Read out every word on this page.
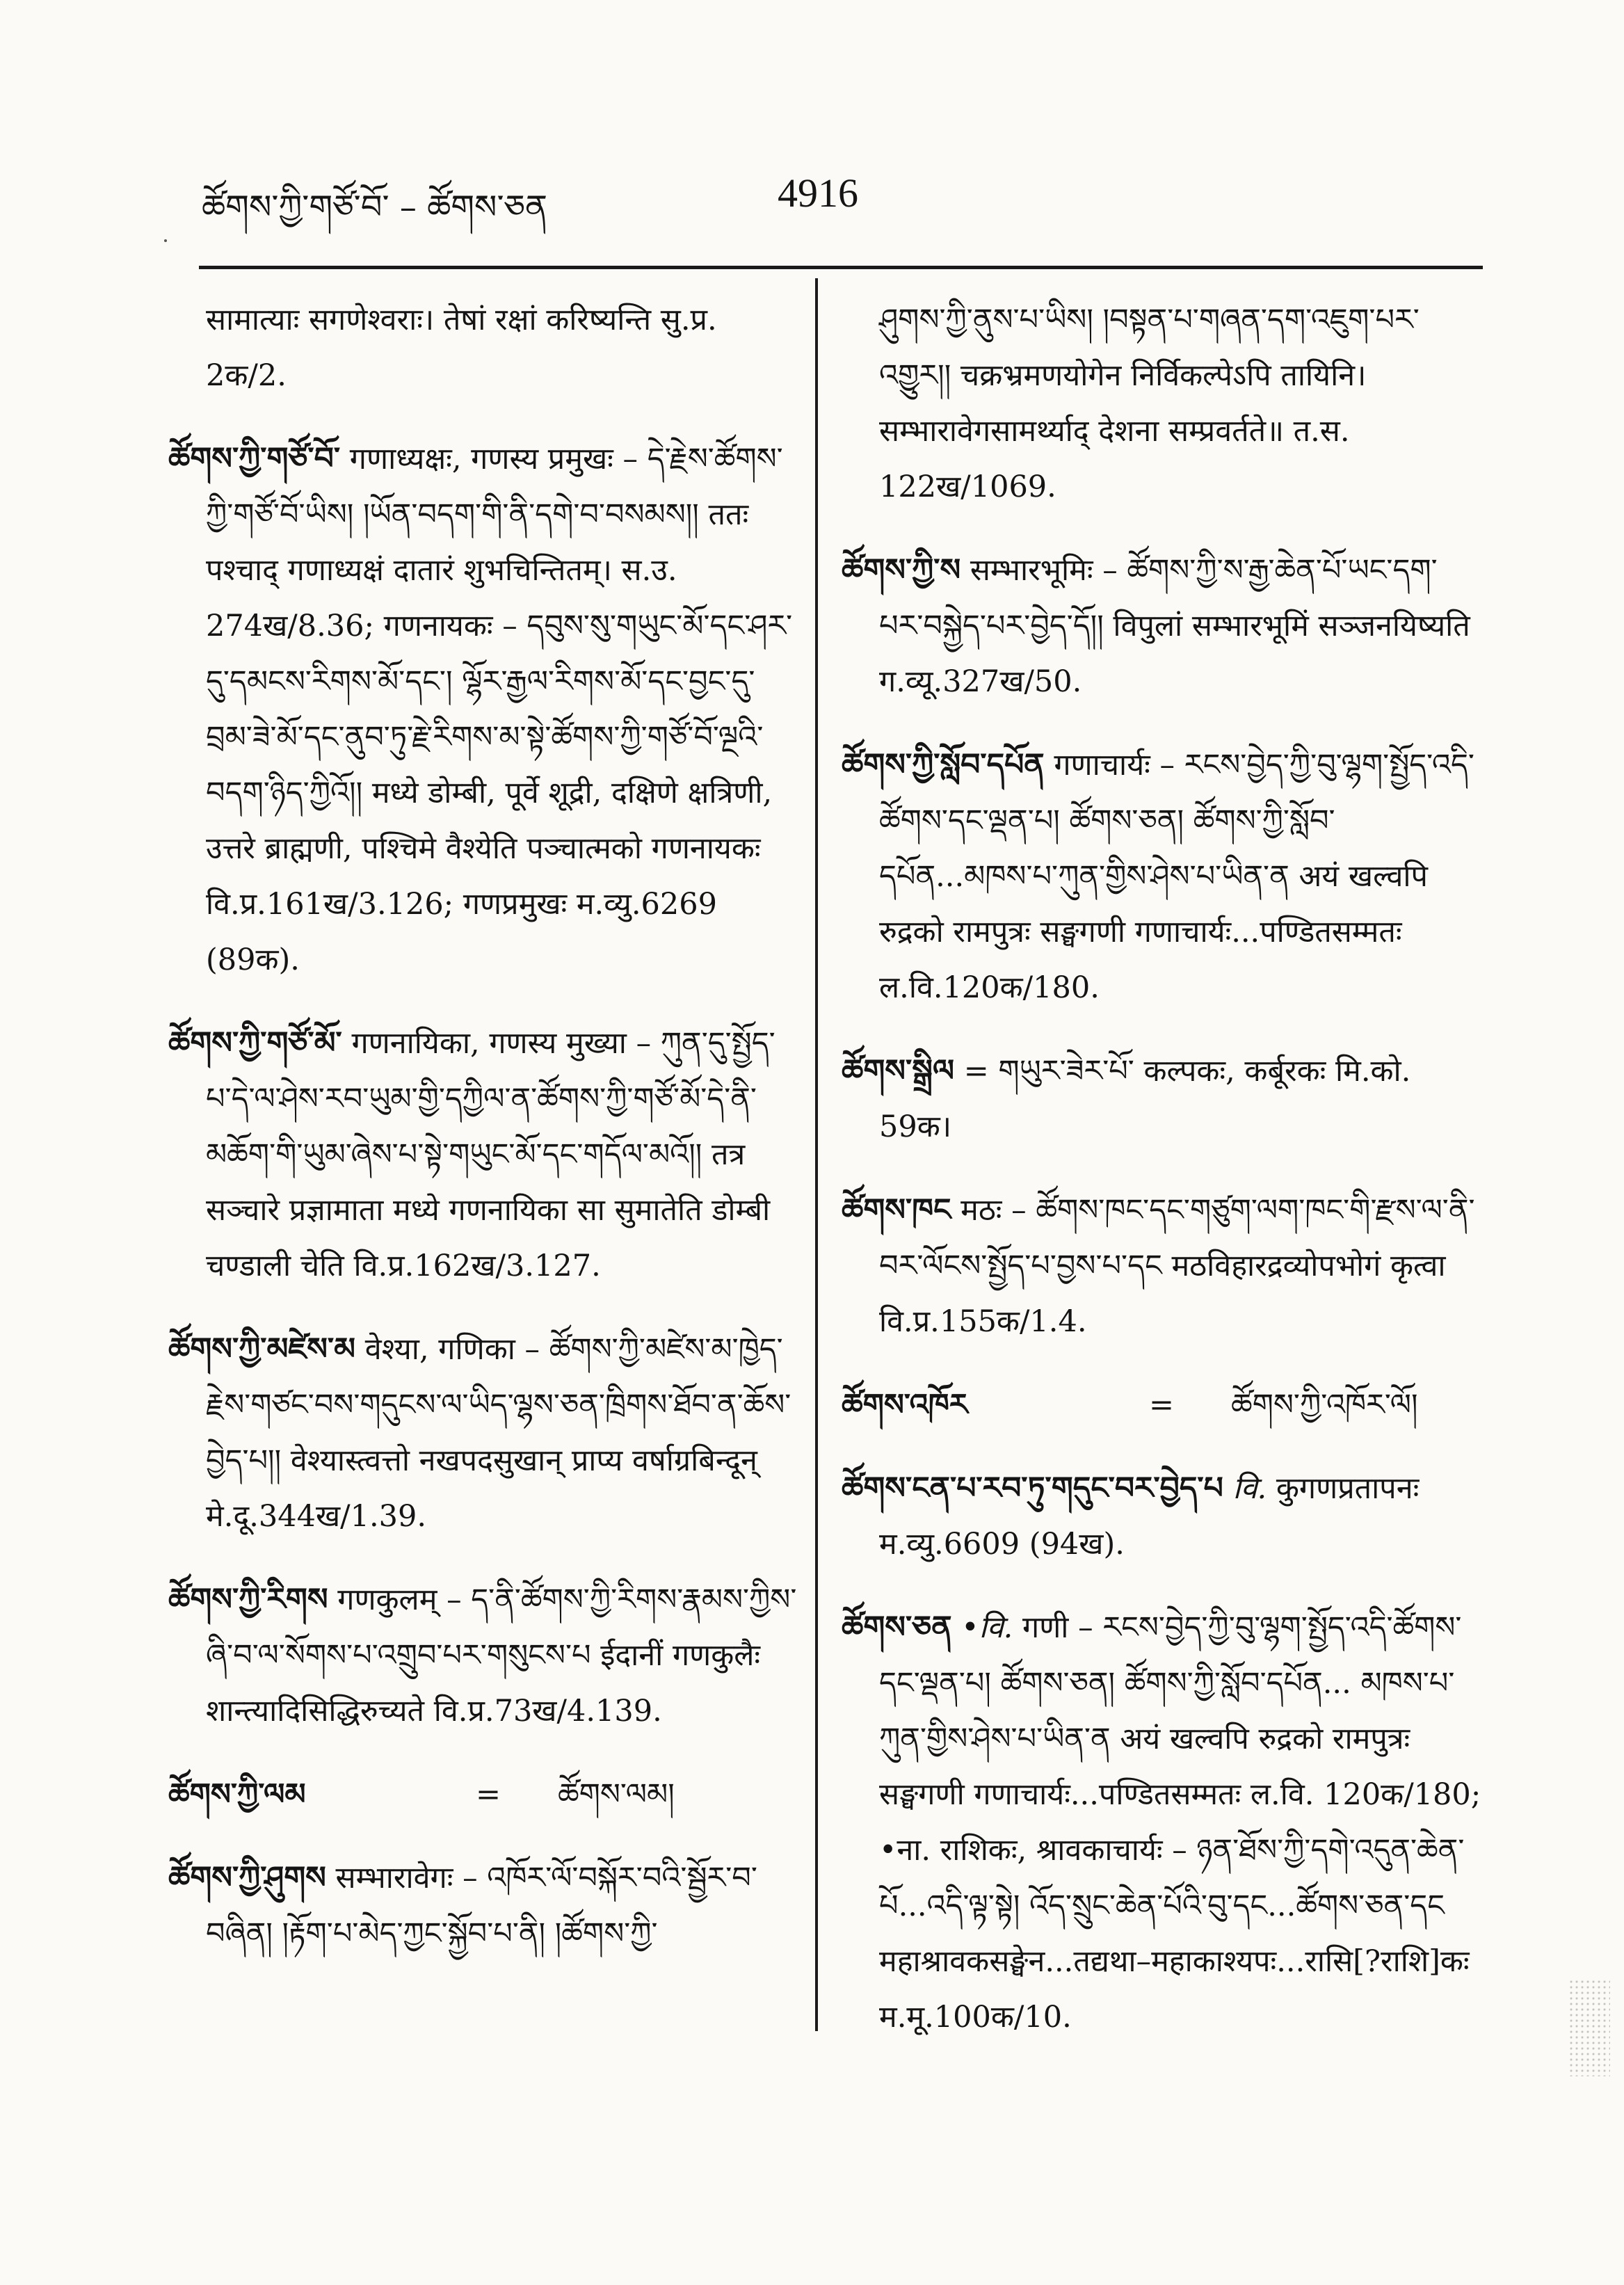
ཚོགས་ཀྱི་གཙོ་བོ་ – ཚོགས་ཅན	4916
सामात्याः सगणेश्वराः। तेषां रक्षां करिष्यन्ति सु.प्र. 2क/2.
ཚོགས་ཀྱི་གཙོ་བོ་ गणाध्यक्षः, गणस्य प्रमुखः – དེ་རྗེས་ཚོགས་ཀྱི་གཙོ་བོ་ཡིས། །ཡོན་བདག་གི་ནི་དགེ་བ་བསམས།། ततः पश्चाद् गणाध्यक्षं दातारं शुभचिन्तितम्। स.उ. 274ख/8.36; गणनायकः – དབུས་སུ་གཡུང་མོ་དང་ཤར་དུ་དམངས་རིགས་མོ་དང་། ལྷོར་རྒྱལ་རིགས་མོ་དང་བྱང་དུ་བྲམ་ཟེ་མོ་དང་ནུབ་ཏུ་རྗེ་རིགས་མ་སྟེ་ཚོགས་ཀྱི་གཙོ་བོ་ལྔའི་བདག་ཉིད་ཀྱིའོ།། मध्ये डोम्बी, पूर्वे शूद्री, दक्षिणे क्षत्रिणी, उत्तरे ब्राह्मणी, पश्चिमे वैश्येति पञ्चात्मको गणनायकः वि.प्र.161ख/3.126; गणप्रमुखः म.व्यु.6269 (89क).
ཚོགས་ཀྱི་གཙོ་མོ་ गणनायिका, गणस्य मुख्या – ཀུན་དུ་སྤྱོད་པ་དེ་ལ་ཤེས་རབ་ཡུམ་གྱི་དཀྱིལ་ན་ཚོགས་ཀྱི་གཙོ་མོ་དེ་ནི་མཆོག་གི་ཡུམ་ཞེས་པ་སྟེ་གཡུང་མོ་དང་གདོལ་མའོ།། तत्र सञ्चारे प्रज्ञामाता मध्ये गणनायिका सा सुमातेति डोम्बी चण्डाली चेति वि.प्र.162ख/3.127.
ཚོགས་ཀྱི་མཛེས་མ वेश्या, गणिका – ཚོགས་ཀྱི་མཛེས་མ་ཁྱེད་རྗེས་གཙང་བས་གདུངས་ལ་ཡིད་ལྷས་ཅན་ཁྲིགས་ཐོབ་ན་ཆོས་བྱེད་པ།། वेश्यास्त्वत्तो नखपदसुखान् प्राप्य वर्षाग्रबिन्दून् मे.दू.344ख/1.39.
ཚོགས་ཀྱི་རིགས गणकुलम् – ད་ནི་ཚོགས་ཀྱི་རིགས་རྣམས་ཀྱིས་ཞི་བ་ལ་སོགས་པ་འགྲུབ་པར་གསུངས་པ ईदानीं गणकुलैः शान्त्यादिसिद्धिरुच्यते वि.प्र.73ख/4.139.
ཚོགས་ཀྱི་ལམ	=	ཚོགས་ལམ།
ཚོགས་ཀྱི་ཤུགས सम्भारावेगः – འཁོར་ལོ་བསྐོར་བའི་སྦྱོར་བ་བཞིན། །རྟོག་པ་མེད་ཀྱང་སྐྱོབ་པ་ནི། །ཚོགས་ཀྱི་
ཤུགས་ཀྱི་ནུས་པ་ཡིས། །བསྟན་པ་གཞན་དག་འཇུག་པར་འགྱུར།། चक्रभ्रमणयोगेन निर्विकल्पेऽपि तायिनि। सम्भारावेगसामर्थ्याद् देशना सम्प्रवर्तते॥ त.स. 122ख/1069.
ཚོགས་ཀྱི་ས सम्भारभूमिः – ཚོགས་ཀྱི་ས་རྒྱ་ཆེན་པོ་ཡང་དག་པར་བསྐྱེད་པར་བྱེད་དོ།། विपुलां सम्भारभूमिं सञ्जनयिष्यति ग.व्यू.327ख/50.
ཚོགས་ཀྱི་སློབ་དཔོན गणाचार्यः – རངས་བྱེད་ཀྱི་བུ་ལྷག་སྤྱོད་འདི་ཚོགས་དང་ལྡན་པ། ཚོགས་ཅན། ཚོགས་ཀྱི་སློབ་དཔོན...མཁས་པ་ཀུན་གྱིས་ཤེས་པ་ཡིན་ན अयं खल्वपि रुद्रको रामपुत्रः सङ्घगणी गणाचार्यः...पण्डितसम्मतः ल.वि.120क/180.
ཚོགས་སྒྲིལ = གཡུར་ཟེར་པོ་ कल्पकः, कर्बूरकः मि.को. 59क।
ཚོགས་ཁང मठः – ཚོགས་ཁང་དང་གཙུག་ལག་ཁང་གི་རྫས་ལ་ནི་བར་ལོངས་སྤྱོད་པ་བྱས་པ་དང मठविहारद्रव्योपभोगं कृत्वा वि.प्र.155क/1.4.
ཚོགས་འཁོར	=	ཚོགས་ཀྱི་འཁོར་ལོ།
ཚོགས་ངན་པ་རབ་ཏུ་གདུང་བར་བྱེད་པ वि. कुगणप्रतापनः म.व्यु.6609 (94ख).
ཚོགས་ཅན •वि. गणी – རངས་བྱེད་ཀྱི་བུ་ལྷག་སྤྱོད་འདི་ཚོགས་དང་ལྡན་པ། ཚོགས་ཅན། ཚོགས་ཀྱི་སློབ་དཔོན... མཁས་པ་ཀུན་གྱིས་ཤེས་པ་ཡིན་ན अयं खल्वपि रुद्रको रामपुत्रः सङ्घगणी गणाचार्यः...पण्डितसम्मतः ल.वि. 120क/180; •ना. राशिकः, श्रावकाचार्यः – ཉན་ཐོས་ཀྱི་དགེ་འདུན་ཆེན་པོ...འདི་ལྟ་སྟེ། འོད་སྲུང་ཆེན་པོའི་བུ་དང...ཚོགས་ཅན་དང महाश्रावकसङ्घेन...तद्यथा–महाकाश्यपः...रासि[?राशि]कः म.मू.100क/10.
